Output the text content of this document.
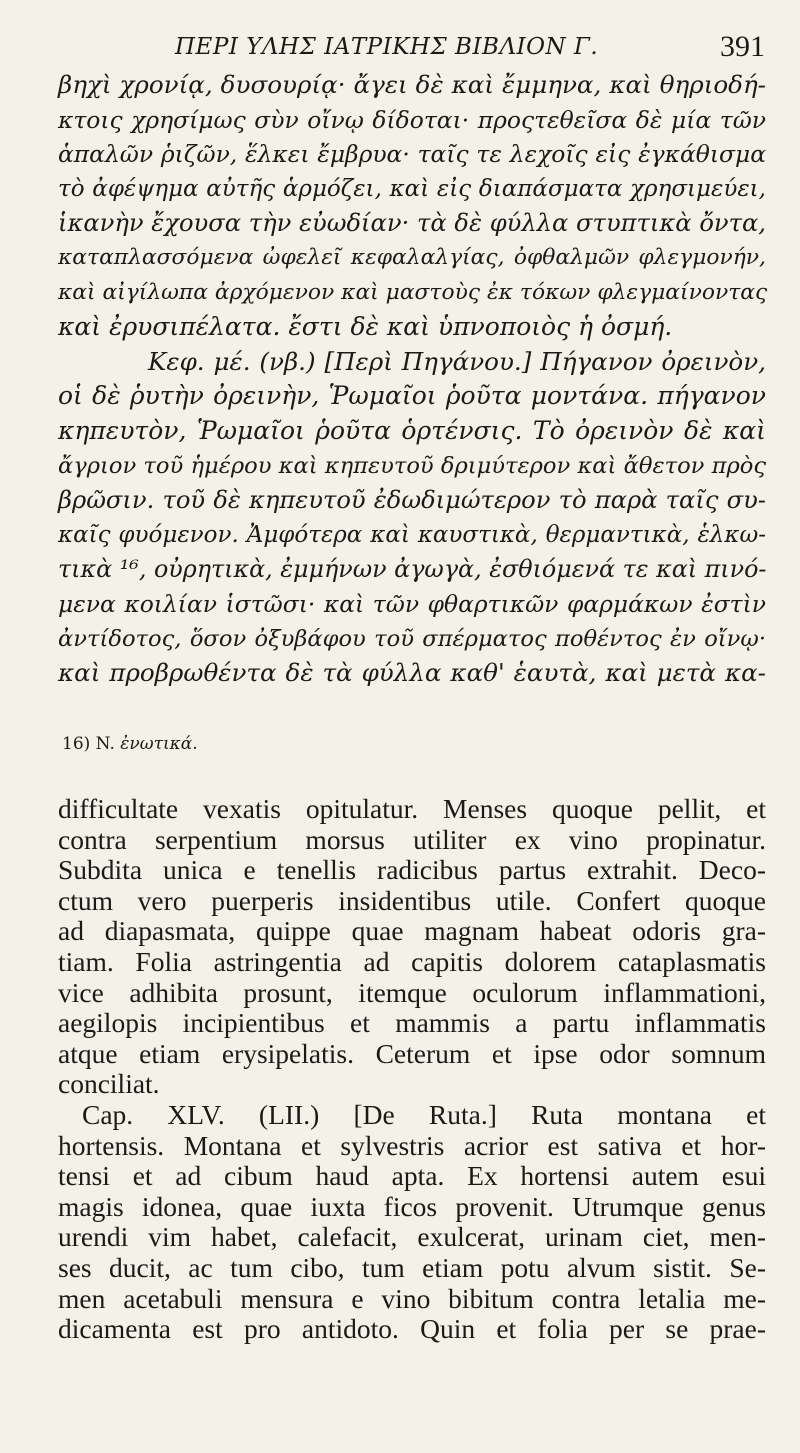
ΠΕΡΙ ΥΛΗΣ ΙΑΤΡΙΚΗΣ ΒΙΒΛΙΟΝ Γ.	391
βηχὶ χρονίᾳ, δυσουρίᾳ· ἄγει δὲ καὶ ἔμμηνα, καὶ θηριοδή-
κτοις χρησίμως σὺν οἴνῳ δίδοται· προςτεθεῖσα δὲ μία τῶν
ἁπαλῶν ῥιζῶν, ἕλκει ἔμβρυα· ταῖς τε λεχοῖς εἰς ἐγκάθισμα
τὸ ἀφέψημα αὐτῆς ἁρμόζει, καὶ εἰς διαπάσματα χρησιμεύει,
ἱκανὴν ἔχουσα τὴν εὐωδίαν· τὰ δὲ φύλλα στυπτικὰ ὄντα,
καταπλασσόμενα ὠφελεῖ κεφαλαλγίας, ὀφθαλμῶν φλεγμονήν,
καὶ αἰγίλωπα ἀρχόμενον καὶ μαστοὺς ἐκ τόκων φλεγμαίνοντας
καὶ ἐρυσιπέλατα. ἔστι δὲ καὶ ὑπνοποιὸς ἡ ὀσμή.
Κεφ. μέ. (νβ.) [Περὶ Πηγάνου.] Πήγανον ὀρεινὸν,
οἱ δὲ ῥυτὴν ὀρεινὴν, Ῥωμαῖοι ῥοῦτα μοντάνα. πήγανον
κηπευτὸν, Ῥωμαῖοι ῥοῦτα ὁρτένσις. Τὸ ὀρεινὸν δὲ καὶ
ἄγριον τοῦ ἡμέρου καὶ κηπευτοῦ δριμύτερον καὶ ἄθετον πρὸς
βρῶσιν. τοῦ δὲ κηπευτοῦ ἐδωδιμώτερον τὸ παρὰ ταῖς συ-
καῖς φυόμενον. Ἀμφότερα καὶ καυστικὰ, θερμαντικὰ, ἑλκω-
τικὰ ¹⁶, οὐρητικὰ, ἐμμήνων ἀγωγὰ, ἐσθιόμενά τε καὶ πινό-
μενα κοιλίαν ἱστῶσι· καὶ τῶν φθαρτικῶν φαρμάκων ἐστὶν
ἀντίδοτος, ὅσον ὀξυβάφου τοῦ σπέρματος ποθέντος ἐν οἴνῳ·
καὶ προβρωθέντα δὲ τὰ φύλλα καθ' ἑαυτὰ, καὶ μετὰ κα-
16) N. ἐνωτικά.
difficultate vexatis opitulatur. Menses quoque pellit, et
contra serpentium morsus utiliter ex vino propinatur.
Subdita unica e tenellis radicibus partus extrahit. Deco-
ctum vero puerperis insidentibus utile. Confert quoque
ad diapasmata, quippe quae magnam habeat odoris gra-
tiam. Folia astringentia ad capitis dolorem cataplasmatis
vice adhibita prosunt, itemque oculorum inflammationi,
aegilopis incipientibus et mammis a partu inflammatis
atque etiam erysipelatis. Ceterum et ipse odor somnum
conciliat.
Cap. XLV. (LII.) [De Ruta.] Ruta montana et
hortensis. Montana et sylvestris acrior est sativa et hor-
tensi et ad cibum haud apta. Ex hortensi autem esui
magis idonea, quae iuxta ficos provenit. Utrumque genus
urendi vim habet, calefacit, exulcerat, urinam ciet, men-
ses ducit, ac tum cibo, tum etiam potu alvum sistit. Se-
men acetabuli mensura e vino bibitum contra letalia me-
dicamenta est pro antidoto. Quin et folia per se prae-
